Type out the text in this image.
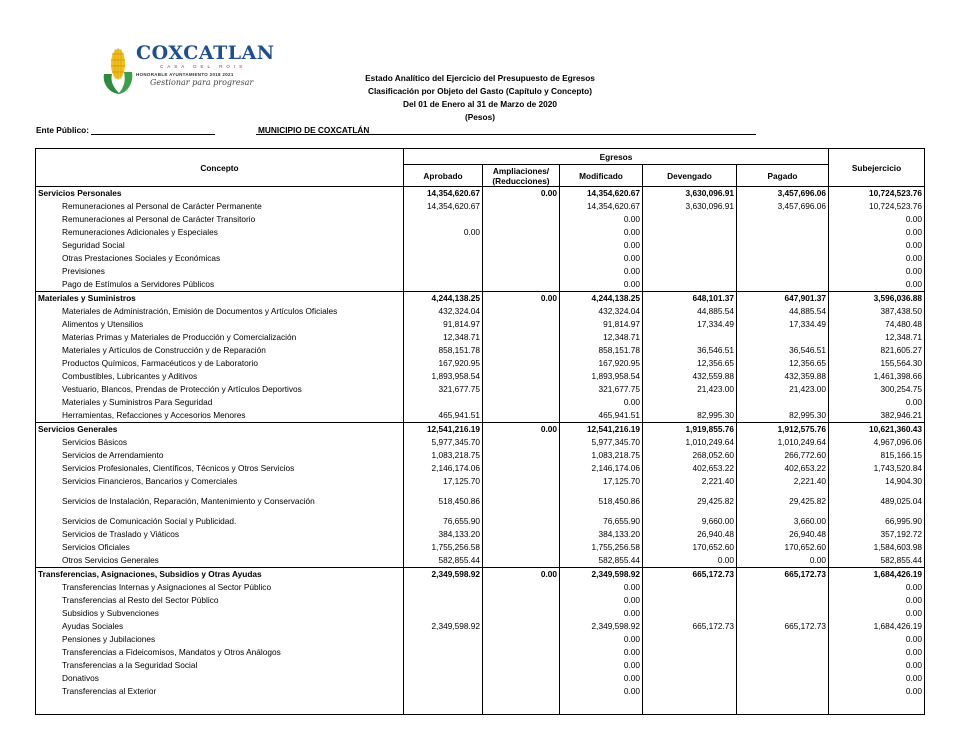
COXCATLAN
CASA DEL ROIS
HONORABLE AYUNTAMIENTO 2018 2021
Gestionar para progresar	Estado Analítico del Ejercicio del Presupuesto de Egresos
Clasificación por Objeto del Gasto (Capítulo y Concepto)
Del 01 de Enero al 31 de Marzo de 2020
(Pesos)
Ente Público:	MUNICIPIO DE COXCATLÁN
Concepto	Egresos					Subejercicio
	Aprobado	Ampliaciones/ (Reducciones)	Modificado	Devengado	Pagado	
Servicios Personales	14,354,620.67	0.00	14,354,620.67	3,630,096.91	3,457,696.06	10,724,523.76
Remuneraciones al Personal de Carácter Permanente	14,354,620.67		14,354,620.67	3,630,096.91	3,457,696.06	10,724,523.76
Remuneraciones al Personal de Carácter Transitorio			0.00			0.00
Remuneraciones Adicionales y Especiales	0.00		0.00			0.00
Seguridad Social			0.00			0.00
Otras Prestaciones Sociales y Económicas			0.00			0.00
Previsiones			0.00			0.00
Pago de Estímulos a Servidores Públicos			0.00			0.00
Materiales y Suministros	4,244,138.25	0.00	4,244,138.25	648,101.37	647,901.37	3,596,036.88
Materiales de Administración, Emisión de Documentos y Artículos Oficiales	432,324.04		432,324.04	44,885.54	44,885.54	387,438.50
Alimentos y Utensilios	91,814.97		91,814.97	17,334.49	17,334.49	74,480.48
Materias Primas y Materiales de Producción y Comercialización	12,348.71		12,348.71			12,348.71
Materiales y Artículos de Construcción y de Reparación	858,151.78		858,151.78	36,546.51	36,546.51	821,605.27
Productos Químicos, Farmacéuticos y de Laboratorio	167,920.95		167,920.95	12,356.65	12,356.65	155,564.30
Combustibles, Lubricantes y Aditivos	1,893,958.54		1,893,958.54	432,559.88	432,359.88	1,461,398.66
Vestuario, Blancos, Prendas de Protección y Artículos Deportivos	321,677.75		321,677.75	21,423.00	21,423.00	300,254.75
Materiales y Suministros Para Seguridad			0.00			0.00
Herramientas, Refacciones y Accesorios Menores	465,941.51		465,941.51	82,995.30	82,995.30	382,946.21
Servicios Generales	12,541,216.19	0.00	12,541,216.19	1,919,855.76	1,912,575.76	10,621,360.43
Servicios Básicos	5,977,345.70		5,977,345.70	1,010,249.64	1,010,249.64	4,967,096.06
Servicios de Arrendamiento	1,083,218.75		1,083,218.75	268,052.60	266,772.60	815,166.15
Servicios Profesionales, Científicos, Técnicos y Otros Servicios	2,146,174.06		2,146,174.06	402,653.22	402,653.22	1,743,520.84
Servicios Financieros, Bancarios y Comerciales	17,125.70		17,125.70	2,221.40	2,221.40	14,904.30
Servicios de Instalación, Reparación, Mantenimiento y Conservación	518,450.86		518,450.86	29,425.82	29,425.82	489,025.04
Servicios de Comunicación Social y Publicidad.	76,655.90		76,655.90	9,660.00	3,660.00	66,995.90
Servicios de Traslado y Viáticos	384,133.20		384,133.20	26,940.48	26,940.48	357,192.72
Servicios Oficiales	1,755,256.58		1,755,256.58	170,652.60	170,652.60	1,584,603.98
Otros Servicios Generales	582,855.44		582,855.44	0.00	0.00	582,855.44
Transferencias, Asignaciones, Subsidios y Otras Ayudas	2,349,598.92	0.00	2,349,598.92	665,172.73	665,172.73	1,684,426.19
Transferencias Internas y Asignaciones al Sector Público			0.00			0.00
Transferencias al Resto del Sector Público			0.00			0.00
Subsidios y Subvenciones			0.00			0.00
Ayudas Sociales	2,349,598.92		2,349,598.92	665,172.73	665,172.73	1,684,426.19
Pensiones y Jubilaciones			0.00			0.00
Transferencias a Fideicomisos, Mandatos y Otros Análogos			0.00			0.00
Transferencias a la Seguridad Social			0.00			0.00
Donativos			0.00			0.00
Transferencias al Exterior			0.00			0.00
